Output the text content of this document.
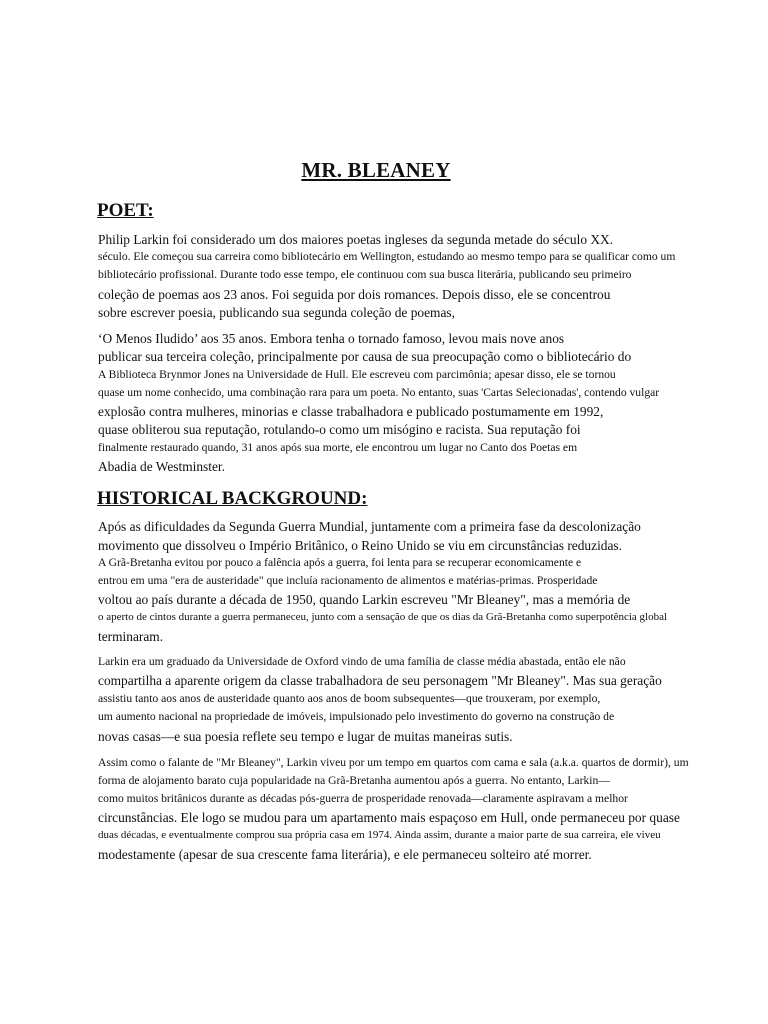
MR. BLEANEY
POET:
Philip Larkin foi considerado um dos maiores poetas ingleses da segunda metade do século XX.
século. Ele começou sua carreira como bibliotecário em Wellington, estudando ao mesmo tempo para se qualificar como um
bibliotecário profissional. Durante todo esse tempo, ele continuou com sua busca literária, publicando seu primeiro
coleção de poemas aos 23 anos. Foi seguida por dois romances. Depois disso, ele se concentrou
sobre escrever poesia, publicando sua segunda coleção de poemas,
‘O Menos Iludido’ aos 35 anos. Embora tenha o tornado famoso, levou mais nove anos
publicar sua terceira coleção, principalmente por causa de sua preocupação como o bibliotecário do
A Biblioteca Brynmor Jones na Universidade de Hull. Ele escreveu com parcimônia; apesar disso, ele se tornou
quase um nome conhecido, uma combinação rara para um poeta. No entanto, suas 'Cartas Selecionadas', contendo vulgar
explosão contra mulheres, minorias e classe trabalhadora e publicado postumamente em 1992,
quase obliterou sua reputação, rotulando-o como um misógino e racista. Sua reputação foi
finalmente restaurado quando, 31 anos após sua morte, ele encontrou um lugar no Canto dos Poetas em
Abadia de Westminster.
HISTORICAL BACKGROUND:
Após as dificuldades da Segunda Guerra Mundial, juntamente com a primeira fase da descolonização
movimento que dissolveu o Império Britânico, o Reino Unido se viu em circunstâncias reduzidas.
A Grã-Bretanha evitou por pouco a falência após a guerra, foi lenta para se recuperar economicamente e
entrou em uma "era de austeridade" que incluía racionamento de alimentos e matérias-primas. Prosperidade
voltou ao país durante a década de 1950, quando Larkin escreveu "Mr Bleaney", mas a memória de
o aperto de cintos durante a guerra permaneceu, junto com a sensação de que os dias da Grã-Bretanha como superpotência global
terminaram.
Larkin era um graduado da Universidade de Oxford vindo de uma família de classe média abastada, então ele não
compartilha a aparente origem da classe trabalhadora de seu personagem "Mr Bleaney". Mas sua geração
assistiu tanto aos anos de austeridade quanto aos anos de boom subsequentes—que trouxeram, por exemplo,
um aumento nacional na propriedade de imóveis, impulsionado pelo investimento do governo na construção de
novas casas—e sua poesia reflete seu tempo e lugar de muitas maneiras sutis.
Assim como o falante de "Mr Bleaney", Larkin viveu por um tempo em quartos com cama e sala (a.k.a. quartos de dormir), um
forma de alojamento barato cuja popularidade na Grã-Bretanha aumentou após a guerra. No entanto, Larkin—
como muitos britânicos durante as décadas pós-guerra de prosperidade renovada—claramente aspiravam a melhor
circunstâncias. Ele logo se mudou para um apartamento mais espaçoso em Hull, onde permaneceu por quase
duas décadas, e eventualmente comprou sua própria casa em 1974. Ainda assim, durante a maior parte de sua carreira, ele viveu
modestamente (apesar de sua crescente fama literária), e ele permaneceu solteiro até morrer.
